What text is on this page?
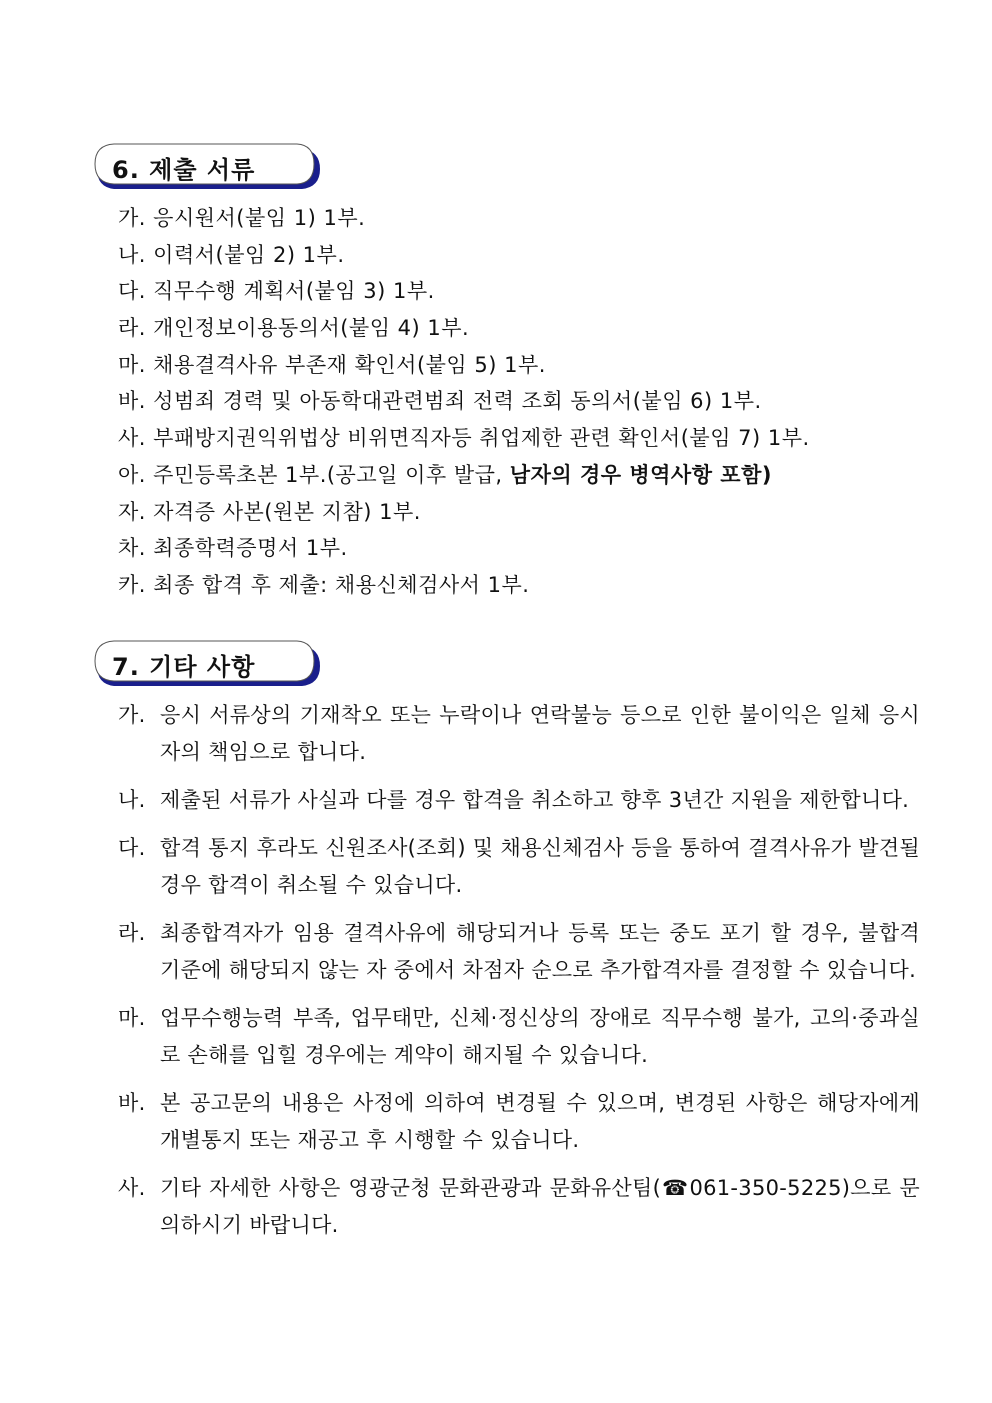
6. 제출 서류
가. 응시원서(붙임 1) 1부.
나. 이력서(붙임 2) 1부.
다. 직무수행 계획서(붙임 3) 1부.
라. 개인정보이용동의서(붙임 4) 1부.
마. 채용결격사유 부존재 확인서(붙임 5) 1부.
바. 성범죄 경력 및 아동학대관련범죄 전력 조회 동의서(붙임 6) 1부.
사. 부패방지권익위법상 비위면직자등 취업제한 관련 확인서(붙임 7) 1부.
아. 주민등록초본 1부.(공고일 이후 발급, 남자의 경우 병역사항 포함)
자. 자격증 사본(원본 지참) 1부.
차. 최종학력증명서 1부.
카. 최종 합격 후 제출: 채용신체검사서 1부.
7. 기타 사항
가. 응시 서류상의 기재착오 또는 누락이나 연락불능 등으로 인한 불이익은 일체 응시자의 책임으로 합니다.
나. 제출된 서류가 사실과 다를 경우 합격을 취소하고 향후 3년간 지원을 제한합니다.
다. 합격 통지 후라도 신원조사(조회) 및 채용신체검사 등을 통하여 결격사유가 발견될 경우 합격이 취소될 수 있습니다.
라. 최종합격자가 임용 결격사유에 해당되거나 등록 또는 중도 포기 할 경우, 불합격 기준에 해당되지 않는 자 중에서 차점자 순으로 추가합격자를 결정할 수 있습니다.
마. 업무수행능력 부족, 업무태만, 신체·정신상의 장애로 직무수행 불가, 고의·중과실로 손해를 입힐 경우에는 계약이 해지될 수 있습니다.
바. 본 공고문의 내용은 사정에 의하여 변경될 수 있으며, 변경된 사항은 해당자에게 개별통지 또는 재공고 후 시행할 수 있습니다.
사. 기타 자세한 사항은 영광군청 문화관광과 문화유산팀(☎061-350-5225)으로 문의하시기 바랍니다.
